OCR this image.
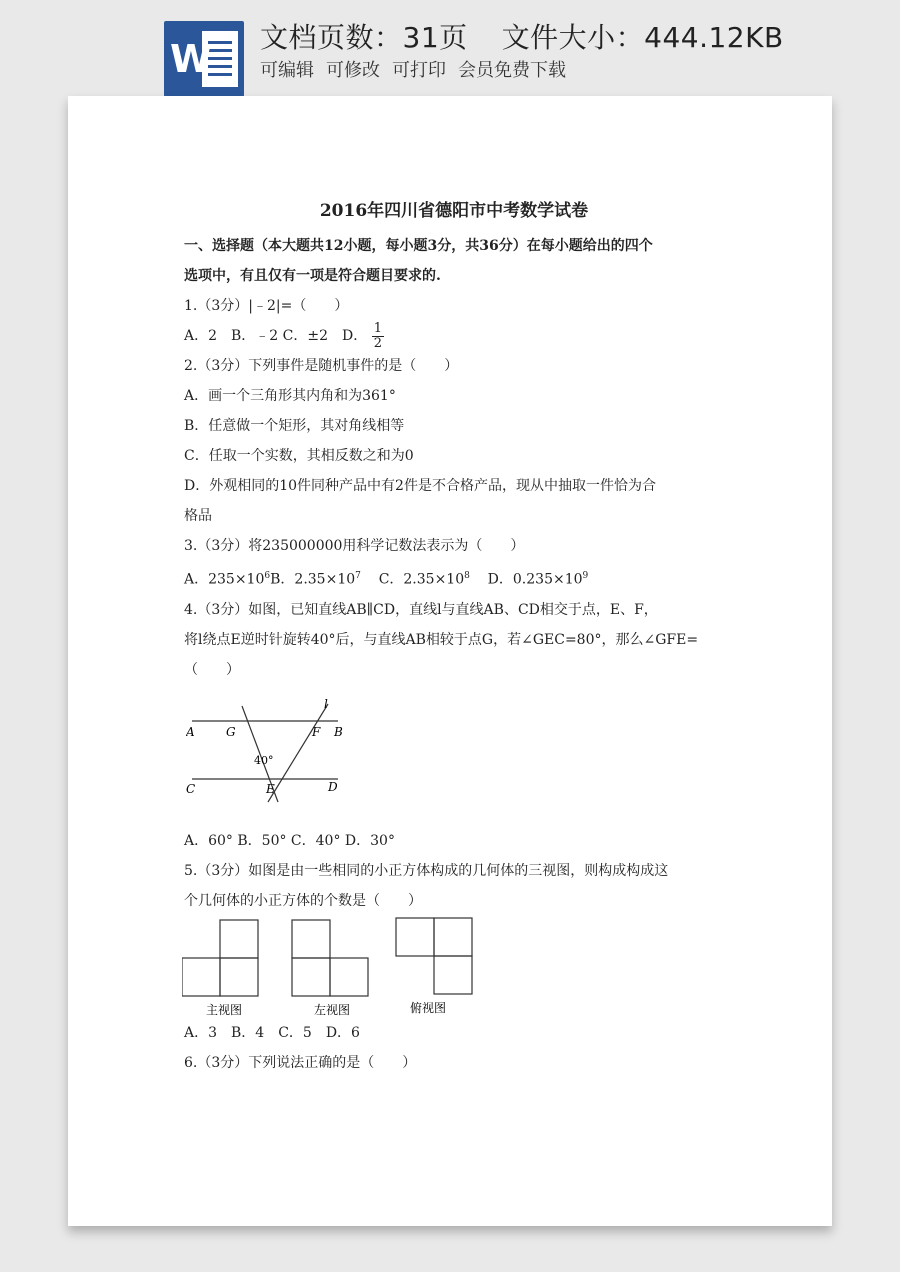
W 文档页数：31页 文件大小：444.12KB
可编辑 可修改 可打印 会员免费下载
2016年四川省德阳市中考数学试卷
一、选择题（本大题共12小题，每小题3分，共36分）在每小题给出的四个
选项中，有且仅有一项是符合题目要求的.
1.（3分）|﹣2|=（　　）
A．2　B．﹣2 C．±2　D． $\frac{1}{2}$
2.（3分）下列事件是随机事件的是（　　）
A．画一个三角形其内角和为361°
B．任意做一个矩形，其对角线相等
C．任取一个实数，其相反数之和为0
D．外观相同的10件同种产品中有2件是不合格产品，现从中抽取一件恰为合
格品
3.（3分）将235000000用科学记数法表示为（　　）
A．$235\times 10^6B$．$2.35\times 10^7$ C．$2.35\times 10^8$ D．$0.235\times 10^9$
4.（3分）如图，已知直线AB∥CD，直线l与直线AB、CD相交于点，E、F，
将l绕点E逆时针旋转40°后，与直线AB相较于点G，若∠GEC=80°，那么∠GFE=
（　　）
A	G	F B
C	E	D
l
40°
A．60° B．50° C．40° D．30°
5.（3分）如图是由一些相同的小正方体构成的几何体的三视图，则构成构成这
个几何体的小正方体的个数是（　　）
主视图	左视图	俯视图
A．3　B．4　C．5　D．6
6.（3分）下列说法正确的是（　　）
